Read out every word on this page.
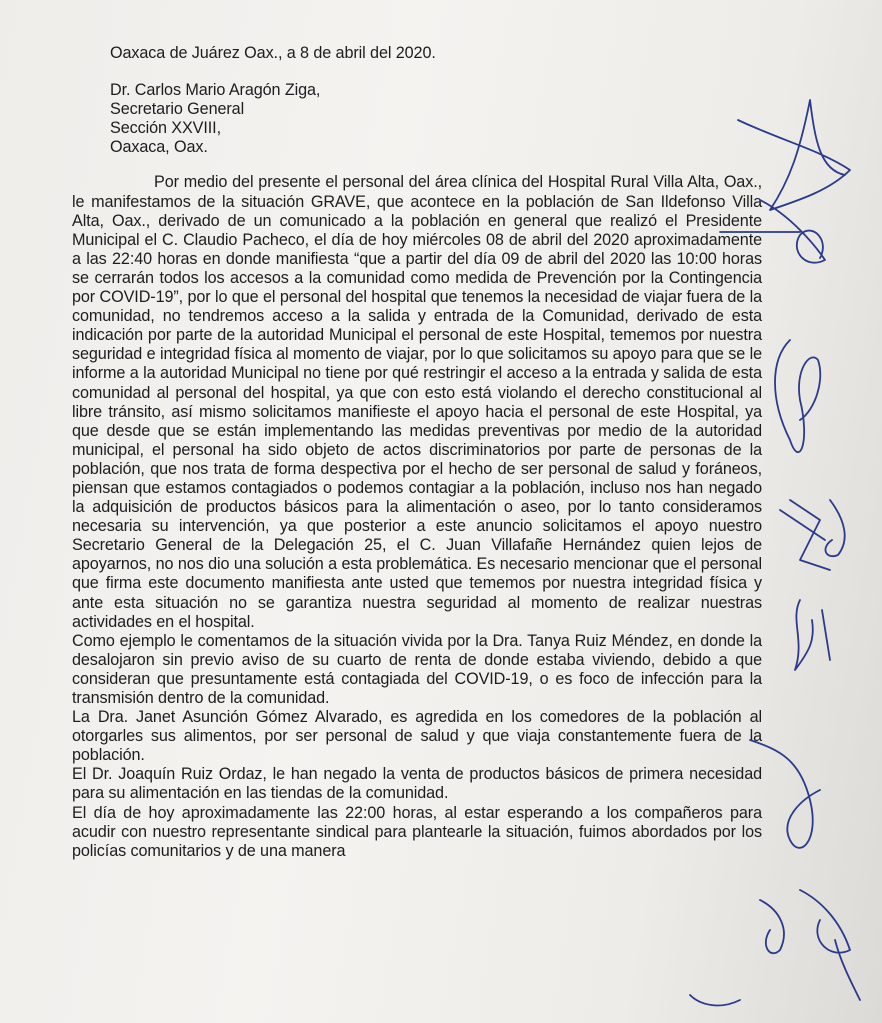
Oaxaca de Juárez Oax., a 8 de abril del 2020.
Dr. Carlos Mario Aragón Ziga,
Secretario General
Sección XXVIII,
Oaxaca, Oax.

Por medio del presente el personal del área clínica del Hospital Rural Villa Alta, Oax., le manifestamos de la situación GRAVE, que acontece en la población de San Ildefonso Villa Alta, Oax., derivado de un comunicado a la población en general que realizó el Presidente Municipal el C. Claudio Pacheco, el día de hoy miércoles 08 de abril del 2020 aproximadamente a las 22:40 horas en donde manifiesta “que a partir del día 09 de abril del 2020 las 10:00 horas se cerrarán todos los accesos a la comunidad como medida de Prevención por la Contingencia por COVID-19”, por lo que el personal del hospital que tenemos la necesidad de viajar fuera de la comunidad, no tendremos acceso a la salida y entrada de la Comunidad, derivado de esta indicación por parte de la autoridad Municipal el personal de este Hospital, tememos por nuestra seguridad e integridad física al momento de viajar, por lo que solicitamos su apoyo para que se le informe a la autoridad Municipal no tiene por qué restringir el acceso a la entrada y salida de esta comunidad al personal del hospital, ya que con esto está violando el derecho constitucional al libre tránsito, así mismo solicitamos manifieste el apoyo hacia el personal de este Hospital, ya que desde que se están implementando las medidas preventivas por medio de la autoridad municipal, el personal ha sido objeto de actos discriminatorios por parte de personas de la población, que nos trata de forma despectiva por el hecho de ser personal de salud y foráneos, piensan que estamos contagiados o podemos contagiar a la población, incluso nos han negado la adquisición de productos básicos para la alimentación o aseo, por lo tanto consideramos necesaria su intervención, ya que posterior a este anuncio solicitamos el apoyo nuestro Secretario General de la Delegación 25, el C. Juan Villafañe Hernández quien lejos de apoyarnos, no nos dio una solución a esta problemática. Es necesario mencionar que el personal que firma este documento manifiesta ante usted que tememos por nuestra integridad física y ante esta situación no se garantiza nuestra seguridad al momento de realizar nuestras actividades en el hospital.

Como ejemplo le comentamos de la situación vivida por la Dra. Tanya Ruiz Méndez, en donde la desalojaron sin previo aviso de su cuarto de renta de donde estaba viviendo, debido a que consideran que presuntamente está contagiada del COVID-19, o es foco de infección para la transmisión dentro de la comunidad.

La Dra. Janet Asunción Gómez Alvarado, es agredida en los comedores de la población al otorgarles sus alimentos, por ser personal de salud y que viaja constantemente fuera de la población.

El Dr. Joaquín Ruiz Ordaz, le han negado la venta de productos básicos de primera necesidad para su alimentación en las tiendas de la comunidad.

El día de hoy aproximadamente las 22:00 horas, al estar esperando a los compañeros para acudir con nuestro representante sindical para plantearle la situación, fuimos abordados por los policías comunitarios y de una manera
